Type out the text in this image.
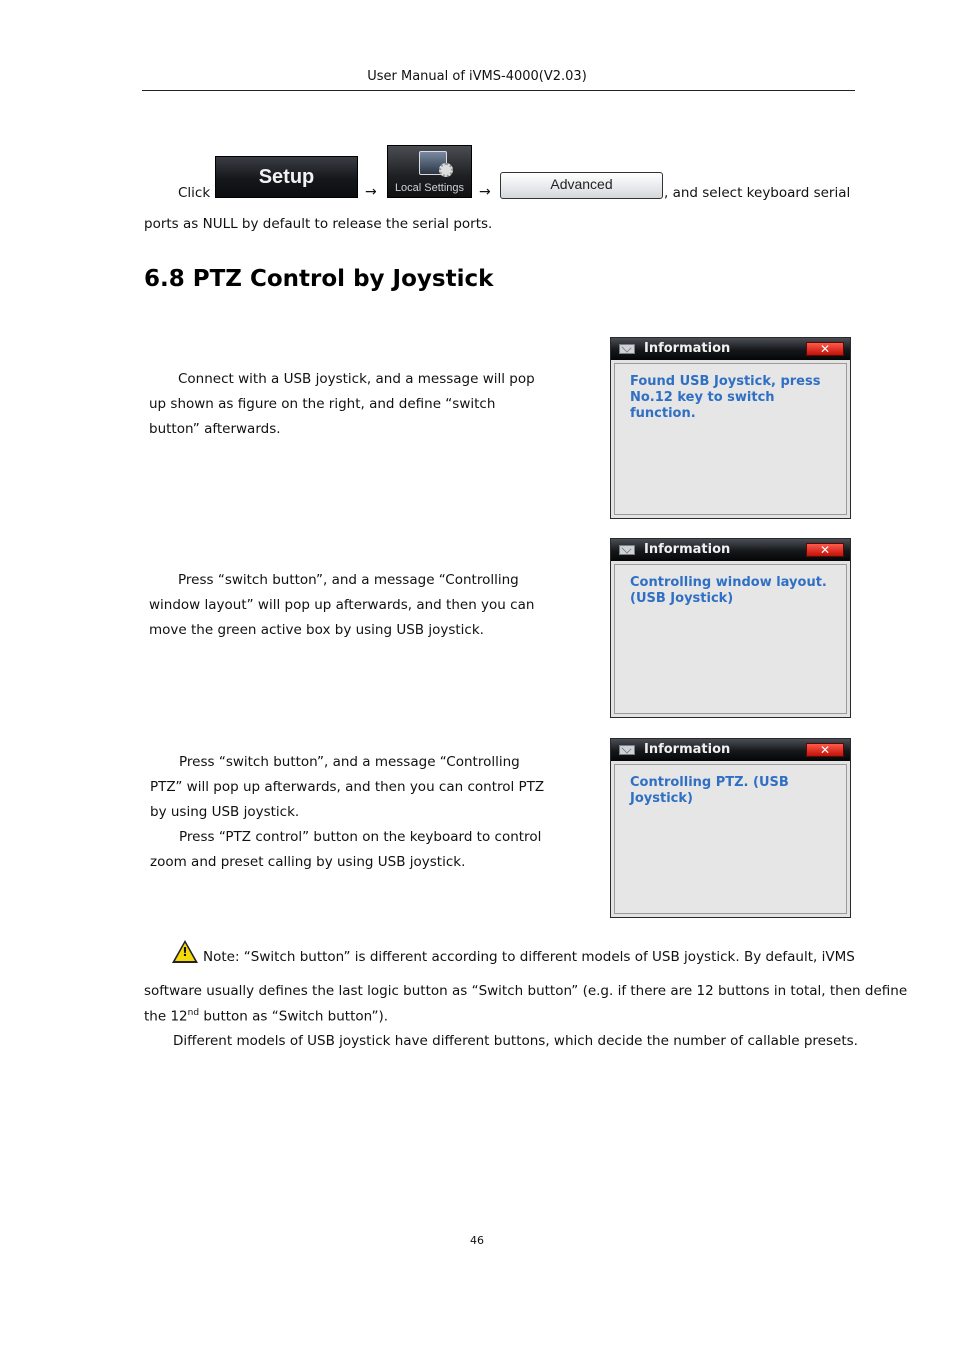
User Manual of iVMS-4000(V2.03)
Click
Setup
→	Local Settings	→
Advanced
, and select keyboard serial
ports as NULL by default to release the serial ports.
6.8 PTZ Control by Joystick
Connect with a USB joystick, and a message will pop
up shown as figure on the right, and define “switch
button” afterwards.
Information	✕
Found USB Joystick, press
No.12 key to switch function.
Press “switch button”, and a message “Controlling
window layout” will pop up afterwards, and then you can
move the green active box by using USB joystick.
Information	✕
Controlling window layout.
(USB Joystick)
Press “switch button”, and a message “Controlling
PTZ” will pop up afterwards, and then you can control PTZ
by using USB joystick.
Press “PTZ control” button on the keyboard to control
zoom and preset calling by using USB joystick.
Information	✕
Controlling PTZ. (USB
Joystick)
! Note: “Switch button” is different according to different models of USB joystick. By default, iVMS
software usually defines the last logic button as “Switch button” (e.g. if there are 12 buttons in total, then define
the 12nd button as “Switch button”).
Different models of USB joystick have different buttons, which decide the number of callable presets.
46
